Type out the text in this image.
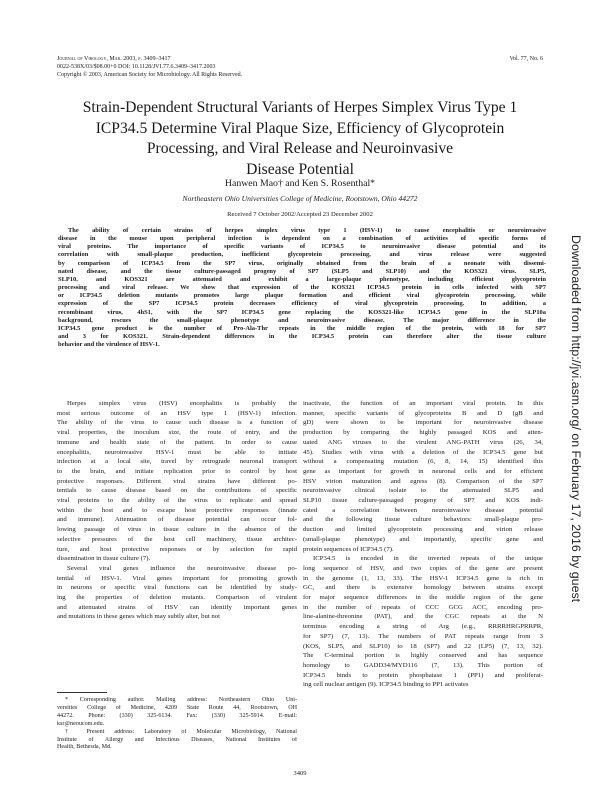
Journal of Virology, Mar. 2003, p. 3409–3417
0022-538X/03/$08.00+0 DOI: 10.1128/JVI.77.6.3409–3417.2003
Copyright © 2003, American Society for Microbiology. All Rights Reserved.
Vol. 77, No. 6
Strain-Dependent Structural Variants of Herpes Simplex Virus Type 1
ICP34.5 Determine Viral Plaque Size, Efficiency of Glycoprotein
Processing, and Viral Release and Neuroinvasive
Disease Potential
Hanwen Mao† and Ken S. Rosenthal*
Northeastern Ohio Universities College of Medicine, Rootstown, Ohio 44272
Received 7 October 2002/Accepted 23 December 2002
The ability of certain strains of herpes simplex virus type 1 (HSV-1) to cause encephalitis or neuroinvasive
disease in the mouse upon peripheral infection is dependent on a combination of activities of specific forms of
viral proteins. The importance of specific variants of ICP34.5 to neuroinvasive disease potential and its
correlation with small-plaque production, inefficient glycoprotein processing, and virus release were suggested
by comparison of ICP34.5 from the SP7 virus, originally obtained from the brain of a neonate with dissemi-
nated disease, and the tissue culture-passaged progeny of SP7 (SLP5 and SLP10) and the KOS321 virus. SLP5,
SLP10, and KOS321 are attenuated and exhibit a large-plaque phenotype, including efficient glycoprotein
processing and viral release. We show that expression of the KOS321 ICP34.5 protein in cells infected with SP7
or ICP34.5 deletion mutants promotes large plaque formation and efficient viral glycoprotein processing, while
expression of the SP7 ICP34.5 protein decreases efficiency of viral glycoprotein processing. In addition, a
recombinant virus, 4hS1, with the SP7 ICP34.5 gene replacing the KOS321-like ICP34.5 gene in the SLP10a
background, rescues the small-plaque phenotype and neuroinvasive disease. The major difference in the
ICP34.5 gene product is the number of Pro-Ala-Thr repeats in the middle region of the protein, with 18 for SP7
and 3 for KOS321. Strain-dependent differences in the ICP34.5 protein can therefore alter the tissue culture
behavior and the virulence of HSV-1.
Herpes simplex virus (HSV) encephalitis is probably the
most serious outcome of an HSV type 1 (HSV-1) infection.
The ability of the virus to cause such disease is a function of
viral properties, the inoculum size, the route of entry, and the
immune and health state of the patient. In order to cause
encephalitis, neuroinvasive HSV-1 must be able to initiate
infection at a local site, travel by retrograde neuronal transport
to the brain, and initiate replication prior to control by host
protective responses. Different viral strains have different po-
tentials to cause disease based on the contributions of specific
viral proteins to the ability of the virus to replicate and spread
within the host and to escape host protective responses (innate
and immune). Attenuation of disease potential can occur fol-
lowing passage of virus in tissue culture in the absence of the
selective pressures of the host cell machinery, tissue architec-
ture, and host protective responses or by selection for rapid
dissemination in tissue culture (7).
Several viral genes influence the neuroinvasive disease po-
tential of HSV-1. Viral genes important for promoting growth
in neurons or specific viral functions can be identified by study-
ing the properties of deletion mutants. Comparison of virulent
and attenuated strains of HSV can identify important genes
and mutations in these genes which may subtly alter, but not
inactivate, the function of an important viral protein. In this
manner, specific variants of glycoproteins B and D (gB and
gD) were shown to be important for neuroinvasive disease
production by comparing the highly passaged KOS and atten-
uated ANG viruses to the virulent ANG-PATH virus (26, 34,
45). Studies with virus with a deletion of the ICP34.5 gene but
without a compensating mutation (6, 8, 14, 15) identified this
gene as important for growth in neuronal cells and for efficient
HSV virion maturation and egress (8). Comparison of the SP7
neuroinvasive clinical isolate to the attenuated SLP5 and
SLP10 tissue culture-passaged progeny of SP7 and KOS indi-
cated a correlation between neuroinvasive disease potential
and the following tissue culture behaviors: small-plaque pro-
duction and limited glycoprotein processing and virion release
(small-plaque phenotype) and importantly, specific gene and
protein sequences of ICP34.5 (7).
ICP34.5 is encoded in the inverted repeats of the unique
long sequence of HSV, and two copies of the gene are present
in the genome (1, 13, 33). The HSV-1 ICP34.5 gene is rich in
GC, and there is extensive homology between strains except
for major sequence differences in the middle region of the gene
in the number of repeats of CCC GCG ACC, encoding pro-
line-alanine-threonine (PAT), and the CGC repeats at the N
terminus encoding a string of Arg (e.g., RRRRHRGPRRPR,
for SP7) (7, 13). The numbers of PAT repeats range from 3
(KOS, SLP5, and SLP10) to 18 (SP7) and 22 (LP5) (7, 13, 32).
The C-terminal portion is highly conserved and has sequence
homology to GADD34/MYD116 (7, 13). This portion of
ICP34.5 binds to protein phosphatase 1 (PP1) and proliferat-
ing cell nuclear antigen (9). ICP34.5 binding to PP1 activates
* Corresponding author. Mailing address: Northeastern Ohio Uni-
versities College of Medicine, 4209 State Route 44, Rootstown, OH
44272. Phone: (330) 325-6134. Fax: (330) 325-5914. E-mail:
ksr@neoucom.edu.
† Present address: Laboratory of Molecular Microbiology, National
Institute of Allergy and Infectious Diseases, National Institutes of
Health, Bethesda, Md.
3409
Downloaded from http://jvi.asm.org/ on February 17, 2016 by guest
